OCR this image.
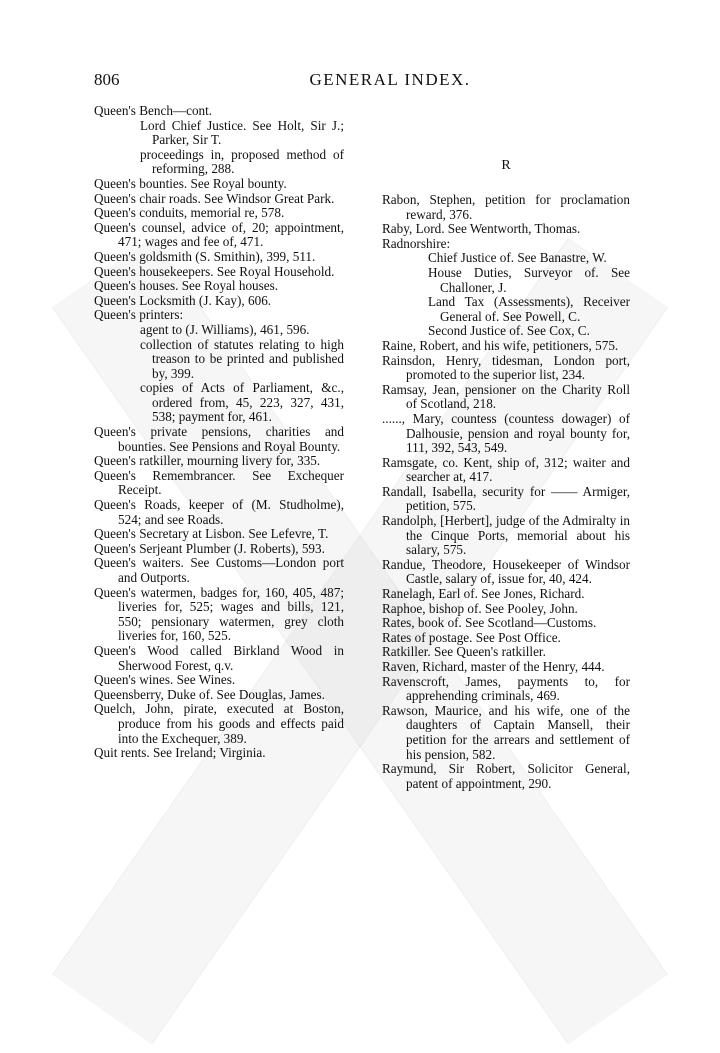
806	GENERAL INDEX.

Queen's Bench—cont.

Lord Chief Justice. See Holt, Sir J.; Parker, Sir T.

proceedings in, proposed method of reforming, 288.

Queen's bounties. See Royal bounty.

Queen's chair roads. See Windsor Great Park.

Queen's conduits, memorial re, 578.

Queen's counsel, advice of, 20; appointment, 471; wages and fee of, 471.

Queen's goldsmith (S. Smithin), 399, 511.

Queen's housekeepers. See Royal Household.

Queen's houses. See Royal houses.

Queen's Locksmith (J. Kay), 606.

Queen's printers:

agent to (J. Williams), 461, 596.

collection of statutes relating to high treason to be printed and published by, 399.

copies of Acts of Parliament, &c., ordered from, 45, 223, 327, 431, 538; payment for, 461.

Queen's private pensions, charities and bounties. See Pensions and Royal Bounty.

Queen's ratkiller, mourning livery for, 335.

Queen's Remembrancer. See Exchequer Receipt.

Queen's Roads, keeper of (M. Studholme), 524; and see Roads.

Queen's Secretary at Lisbon. See Lefevre, T.

Queen's Serjeant Plumber (J. Roberts), 593.

Queen's waiters. See Customs—London port and Outports.

Queen's watermen, badges for, 160, 405, 487; liveries for, 525; wages and bills, 121, 550; pensionary watermen, grey cloth liveries for, 160, 525.

Queen's Wood called Birkland Wood in Sherwood Forest, q.v.

Queen's wines. See Wines.

Queensberry, Duke of. See Douglas, James.

Quelch, John, pirate, executed at Boston, produce from his goods and effects paid into the Exchequer, 389.

Quit rents. See Ireland; Virginia.

R

Rabon, Stephen, petition for proclamation reward, 376.

Raby, Lord. See Wentworth, Thomas.

Radnorshire:

Chief Justice of. See Banastre, W.

House Duties, Surveyor of. See Challoner, J.

Land Tax (Assessments), Receiver General of. See Powell, C.

Second Justice of. See Cox, C.

Raine, Robert, and his wife, petitioners, 575.

Rainsdon, Henry, tidesman, London port, promoted to the superior list, 234.

Ramsay, Jean, pensioner on the Charity Roll of Scotland, 218.

......, Mary, countess (countess dowager) of Dalhousie, pension and royal bounty for, 111, 392, 543, 549.

Ramsgate, co. Kent, ship of, 312; waiter and searcher at, 417.

Randall, Isabella, security for —— Armiger, petition, 575.

Randolph, [Herbert], judge of the Admiralty in the Cinque Ports, memorial about his salary, 575.

Randue, Theodore, Housekeeper of Windsor Castle, salary of, issue for, 40, 424.

Ranelagh, Earl of. See Jones, Richard.

Raphoe, bishop of. See Pooley, John.

Rates, book of. See Scotland—Customs.

Rates of postage. See Post Office.

Ratkiller. See Queen's ratkiller.

Raven, Richard, master of the Henry, 444.

Ravenscroft, James, payments to, for apprehending criminals, 469.

Rawson, Maurice, and his wife, one of the daughters of Captain Mansell, their petition for the arrears and settlement of his pension, 582.

Raymund, Sir Robert, Solicitor General, patent of appointment, 290.
